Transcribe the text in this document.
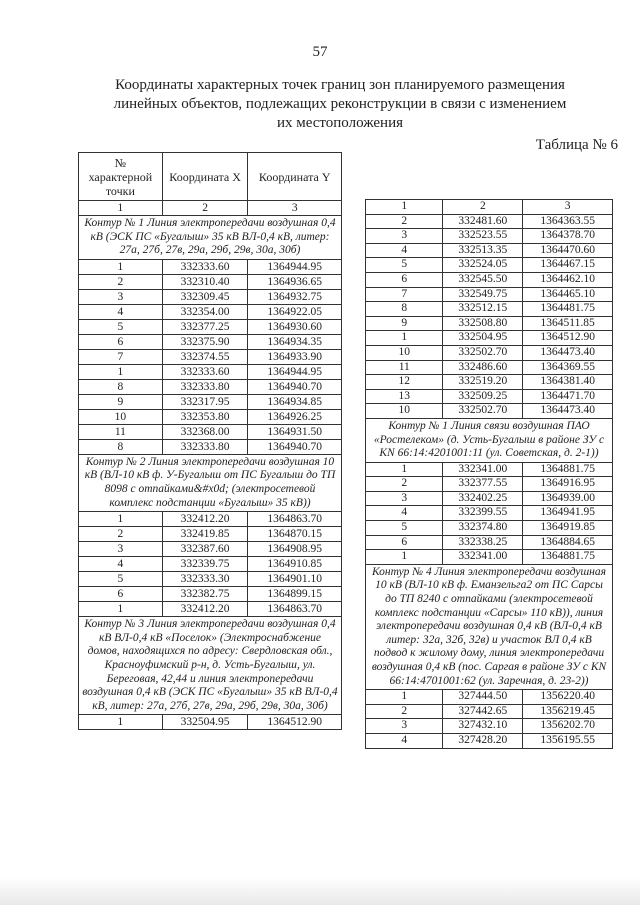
57
Координаты характерных точек границ зон планируемого размещения линейных объектов, подлежащих реконструкции в связи с изменением их местоположения
Таблица № 6
№ характерной точки	Координата X	Координата Y
1	2	3
Контур № 1 Линия электропередачи воздушная 0,4 кВ (ЭСК ПС «Бугалыш» 35 кВ ВЛ-0,4 кВ, литер: 27а, 27б, 27в, 29а, 29б, 29в, 30а, 30б)		
1	332333.60	1364944.95
2	332310.40	1364936.65
3	332309.45	1364932.75
4	332354.00	1364922.05
5	332377.25	1364930.60
6	332375.90	1364934.35
7	332374.55	1364933.90
1	332333.60	1364944.95
8	332333.80	1364940.70
9	332317.95	1364934.85
10	332353.80	1364926.25
11	332368.00	1364931.50
8	332333.80	1364940.70
Контур № 2 Линия электропередачи воздушная 10 кВ (ВЛ-10 кВ ф. У-Бугалыш от ПС Бугалыш до ТП 8098 с отпайками&#x0d; (электросетевой комплекс подстанции «Бугалыш» 35 кВ))		
1	332412.20	1364863.70
2	332419.85	1364870.15
3	332387.60	1364908.95
4	332339.75	1364910.85
5	332333.30	1364901.10
6	332382.75	1364899.15
1	332412.20	1364863.70
Контур № 3 Линия электропередачи воздушная 0,4 кВ ВЛ-0,4 кВ «Поселок» (Электроснабжение домов, находящихся по адресу: Свердловская обл., Красноуфимский р-н, д. Усть-Бугалыш, ул. Береговая, 42,44 и линия электропередачи воздушная 0,4 кВ (ЭСК ПС «Бугалыш» 35 кВ ВЛ-0,4 кВ, литер: 27а, 27б, 27в, 29а, 29б, 29в, 30а, 30б)		
1	332504.95	1364512.90
1	2	3
2	332481.60	1364363.55
3	332523.55	1364378.70
4	332513.35	1364470.60
5	332524.05	1364467.15
6	332545.50	1364462.10
7	332549.75	1364465.10
8	332512.15	1364481.75
9	332508.80	1364511.85
1	332504.95	1364512.90
10	332502.70	1364473.40
11	332486.60	1364369.55
12	332519.20	1364381.40
13	332509.25	1364471.70
10	332502.70	1364473.40
Контур № 1 Линия связи воздушная ПАО «Ростелеком» (д. Усть-Бугалыш в районе ЗУ с КN 66:14:4201001:11 (ул. Советская, д. 2-1))		
1	332341.00	1364881.75
2	332377.55	1364916.95
3	332402.25	1364939.00
4	332399.55	1364941.95
5	332374.80	1364919.85
6	332338.25	1364884.65
1	332341.00	1364881.75
Контур № 4 Линия электропередачи воздушная 10 кВ (ВЛ-10 кВ ф. Еманзельга2 от ПС Сарсы до ТП 8240 с отпайками (электросетевой комплекс подстанции «Сарсы» 110 кВ)), линия электропередачи воздушная 0,4 кВ (ВЛ-0,4 кВ литер: 32а, 32б, 32в) и участок ВЛ 0,4 кВ подвод к жилому дому, линия электропередачи воздушная 0,4 кВ (пос. Саргая в районе ЗУ с КN 66:14:4701001:62 (ул. Заречная, д. 23-2))		
1	327444.50	1356220.40
2	327442.65	1356219.45
3	327432.10	1356202.70
4	327428.20	1356195.55
